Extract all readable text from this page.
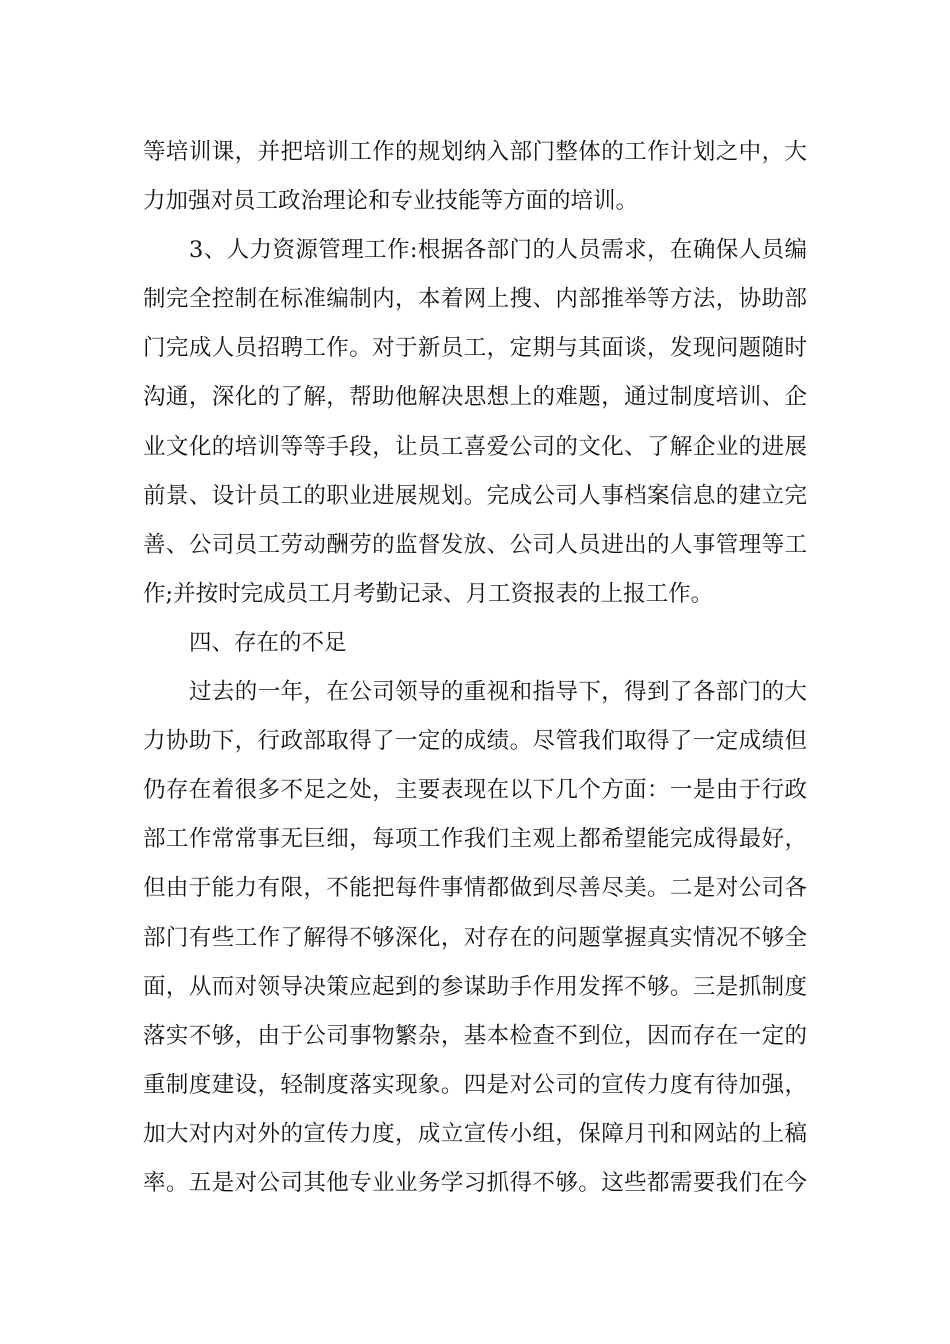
等培训课，并把培训工作的规划纳入部门整体的工作计划之中，大
力加强对员工政治理论和专业技能等方面的培训。
3、人力资源管理工作:根据各部门的人员需求，在确保人员编
制完全控制在标准编制内，本着网上搜、内部推举等方法，协助部
门完成人员招聘工作。对于新员工，定期与其面谈，发现问题随时
沟通，深化的了解，帮助他解决思想上的难题，通过制度培训、企
业文化的培训等等手段，让员工喜爱公司的文化、了解企业的进展
前景、设计员工的职业进展规划。完成公司人事档案信息的建立完
善、公司员工劳动酬劳的监督发放、公司人员进出的人事管理等工
作;并按时完成员工月考勤记录、月工资报表的上报工作。
四、存在的不足
过去的一年，在公司领导的重视和指导下，得到了各部门的大
力协助下，行政部取得了一定的成绩。尽管我们取得了一定成绩但
仍存在着很多不足之处，主要表现在以下几个方面：一是由于行政
部工作常常事无巨细，每项工作我们主观上都希望能完成得最好，
但由于能力有限，不能把每件事情都做到尽善尽美。二是对公司各
部门有些工作了解得不够深化，对存在的问题掌握真实情况不够全
面，从而对领导决策应起到的参谋助手作用发挥不够。三是抓制度
落实不够，由于公司事物繁杂，基本检查不到位，因而存在一定的
重制度建设，轻制度落实现象。四是对公司的宣传力度有待加强，
加大对内对外的宣传力度，成立宣传小组，保障月刊和网站的上稿
率。五是对公司其他专业业务学习抓得不够。这些都需要我们在今
